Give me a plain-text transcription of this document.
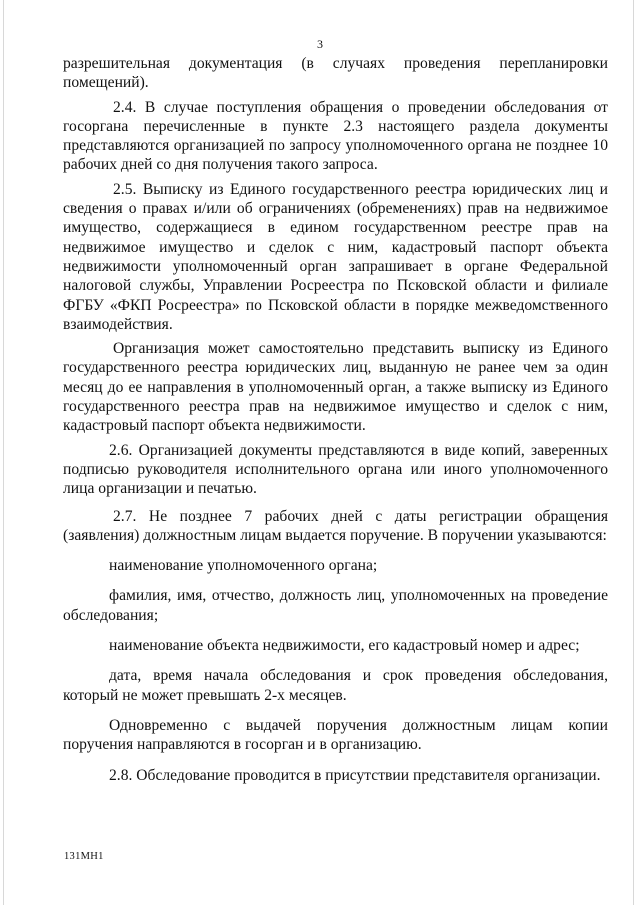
3

разрешительная документация (в случаях проведения перепланировки помещений).

2.4. В случае поступления обращения о проведении обследования от госоргана перечисленные в пункте 2.3 настоящего раздела документы представляются организацией по запросу уполномоченного органа не позднее 10 рабочих дней со дня получения такого запроса.

2.5. Выписку из Единого государственного реестра юридических лиц и сведения о правах и/или об ограничениях (обременениях) прав на недвижимое имущество, содержащиеся в едином государственном реестре прав на недвижимое имущество и сделок с ним, кадастровый паспорт объекта недвижимости уполномоченный орган запрашивает в органе Федеральной налоговой службы, Управлении Росреестра по Псковской области и филиале ФГБУ «ФКП Росреестра» по Псковской области в порядке межведомственного взаимодействия.

Организация может самостоятельно представить выписку из Единого государственного реестра юридических лиц, выданную не ранее чем за один месяц до ее направления в уполномоченный орган, а также выписку из Единого государственного реестра прав на недвижимое имущество и сделок с ним, кадастровый паспорт объекта недвижимости.

2.6. Организацией документы представляются в виде копий, заверенных подписью руководителя исполнительного органа или иного уполномоченного лица организации и печатью.

2.7. Не позднее 7 рабочих дней с даты регистрации обращения (заявления) должностным лицам выдается поручение. В поручении указываются:

наименование уполномоченного органа;

фамилия, имя, отчество, должность лиц, уполномоченных на проведение обследования;

наименование объекта недвижимости, его кадастровый номер и адрес;

дата, время начала обследования и срок проведения обследования, который не может превышать 2-х месяцев.

Одновременно с выдачей поручения должностным лицам копии поручения направляются в госорган и в организацию.

2.8. Обследование проводится в присутствии представителя организации.

131МН1
